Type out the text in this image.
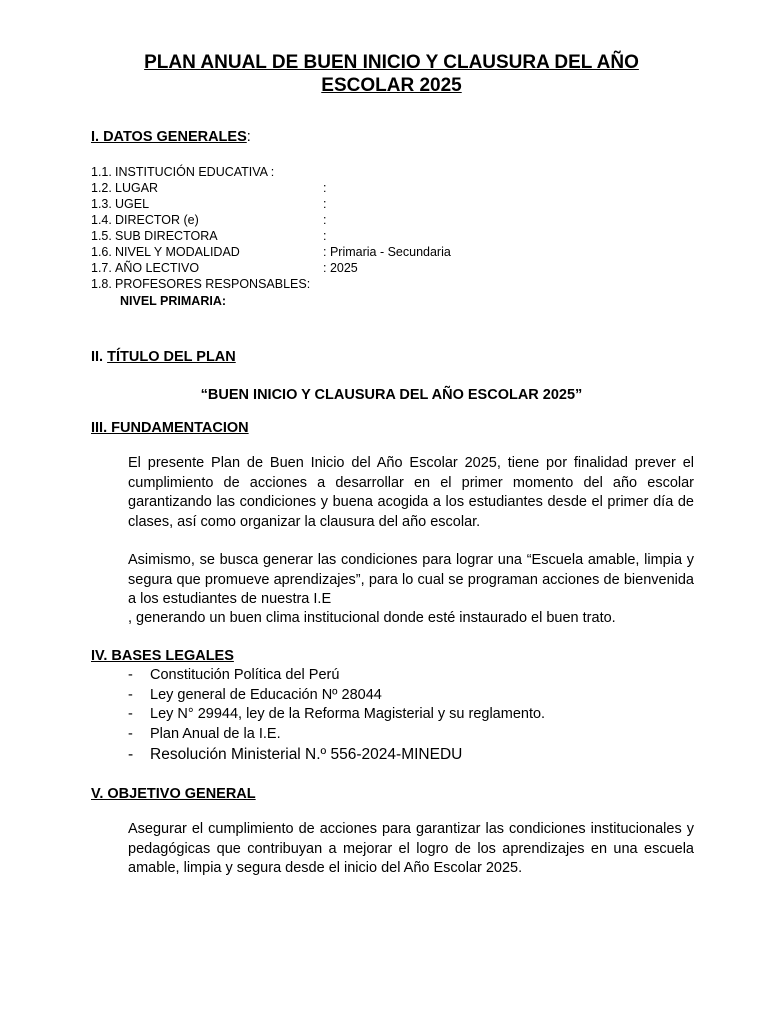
PLAN ANUAL DE BUEN INICIO Y CLAUSURA DEL AÑO
ESCOLAR 2025
I. DATOS GENERALES:
1.1. INSTITUCIÓN EDUCATIVA :
1.2. LUGAR	:
1.3. UGEL	:
1.4. DIRECTOR (e)	:
1.5. SUB DIRECTORA	:
1.6. NIVEL Y MODALIDAD	: Primaria - Secundaria
1.7. AÑO LECTIVO	: 2025
1.8. PROFESORES RESPONSABLES:
NIVEL PRIMARIA:
II. TÍTULO DEL PLAN
“BUEN INICIO Y CLAUSURA DEL AÑO ESCOLAR 2025”
III. FUNDAMENTACION
El presente Plan de Buen Inicio del Año Escolar 2025, tiene por finalidad prever el cumplimiento de acciones a desarrollar en el primer momento del año escolar garantizando las condiciones y buena acogida a los estudiantes desde el primer día de clases, así como organizar la clausura del año escolar.
Asimismo, se busca generar las condiciones para lograr una “Escuela amable, limpia y segura que promueve aprendizajes”, para lo cual se programan acciones de bienvenida a los estudiantes de nuestra I.E
, generando un buen clima institucional donde esté instaurado el buen trato.
IV. BASES LEGALES
- Constitución Política del Perú
- Ley general de Educación Nº 28044
- Ley N° 29944, ley de la Reforma Magisterial y su reglamento.
- Plan Anual de la I.E.
- Resolución Ministerial N.º 556-2024-MINEDU
V. OBJETIVO GENERAL
Asegurar el cumplimiento de acciones para garantizar las condiciones institucionales y pedagógicas que contribuyan a mejorar el logro de los aprendizajes en una escuela amable, limpia y segura desde el inicio del Año Escolar 2025.
